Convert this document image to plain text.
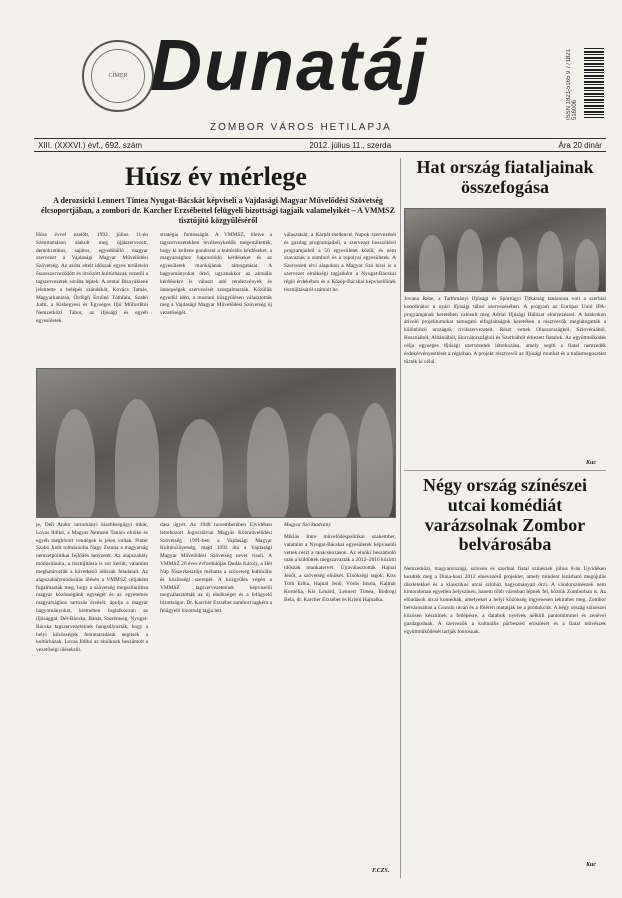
CÍMER Dunatáj
ZOMBOR VÁROS HETILAPJA
ISSN 1821-5165 9 771821 516006
XIII. (XXXVI.) évf., 692. szám	2012. július 11., szerda	Ára 20 dinár
Húsz év mérlege
A derozsicki Lennert Tímea Nyugat-Bácskát képviseli a Vajdasági Magyar Művelődési Szövetség élcsoportjában, a zombori dr. Karcher Erzsébettel felügyeli bizottsági tagjaik valamelyikét – A VMMSZ tisztújító közgyűléséről
Húsz évvel ezelőtt, 1992. július 11-én Szenttamáson alakult meg újjászervezett, demokratikus, sajátos, egyedülálló magyar szervezet a Vajdasági Magyar Művelődési Szövetség. Az azóta eltelt időszak egyes területein összeszerveződött és ötvözött kultúrházak vezetői a tagszervezetek sorába léptek. A zentai Bisnyákiené jelentette a belépés szándékát, Kovács Tamás, Magyarkanizsa, Ördögh Ernőné Tóthfalu, Szabó Judit, a Kishegyesi és Egységes Ifjú Műfordítói Nemzetközi Tábor, az ifjúsági és egyéb egyesületek.
stratégia fontosságát. A VMMSZ, illetve a tagszervezetekben tevékenykedők megemlítették, hogy ki kellene gondozni a kultúrális kérdéseket, a magyarsághoz kapcsolódó kérdéseket és az egyesületek munkájának támogatását. A hagyományokat őrző, ugyanakkor az aktuális kérdésekre is választ adó rendezvények és ünnepségek szervezését szorgalmazták. Közülük egyedül idén, a mostani közgyűlésen választották meg a Vajdasági Magyar Művelődési Szövetség új vezetőségét.
választását, a Kárpát-medencei Napok szervezését és gazdag programjaiból, a szervezet hosszútávú programjaiból a 50 egyesületet közül, és nem szavaztak a zombori és a topolyai egyesületek. A Szervezeti elvi alapokon a Magyar Szó hírei is a szervezet elnökségi tagjaiként a Nyugat-Bácskai régió érdekében és a Közép-Bácskai képviselőinek tisztújításáról számolt be.
je, Deli Andor tartományi kisebbségügyi titkár, Lovas Ildikó, a Magyar Nemzeti Tanács elnöke és egyéb meghívott vendégek is jelen voltak. Pintér Szabó Judit tolmácsolta Nagy Zsuzsa a magyarság nemzetpolitikai fejlődés helyzetét. Az alapszabály módosítására, a tisztújításra is sor került, valamint meghatározták a következő időszak feladatait. Az alapszabálymódosítás ülésén a VMMSZ céljaként fogalmazták meg, hogy a szövetség megszilárdítsa magyar közösségünk egységét és az egyetemes magyarsághoz tartozás érzését, ápolja a magyar hagyományokat, kiemelten foglalkozzon az ifjúsággal. Dél-Bácska, Bánát, Szerémség, Nyugat-Bácska tagszervezeteinek hangsúlyozták, hogy a helyi közösségek fennmaradását segítsék a kultúrházak. Lovas Ildikó az elnöknek beszámolt a vezetőségi ülésekről.
dása ügyét. Az 1948 novemberében Újvidéken létrehozott Jugoszláviai Magyar Közművelődési Szövetség 1991-ben a Vajdasági Magyar Kultúrszövetség, majd 1992 óta a Vajdasági Magyar Művelődési Szövetség nevet viseli. A VMMSZ 20 éves évfordulóján Dudás Károly, a Hét Nap főszerkesztője méltatta a szövetség kultúrális és közösségi szerepét. A közgyűlés végén a VMMSZ tagszervezeteinek képviselői megválasztották az új elnökséget és a felügyelő bizottságot. Dr. Karcher Erzsébet zombori tagként a felügyelő bizottság tagja lett.
Magyar Szó kiadvány
Miklós Imre művelődéspolitikai szakember, valamint a Nyugat-Bácskai egyesületek képviselői vettek részt a tanácskozáson. Az elnöki beszámoló után a küldöttek megszavazták a 2012–2016 közötti időszak munkatervét. Újraválasztották Hajnal Jenőt, a szövetség elnökét. Elnökségi tagok: Kiss Tóth Erika, Hajnal Jenő, Vörös Imola, Kalmár Kornélia, Kis Lénárd, Lennert Tímea, Bodrogi Béla, dr. Karcher Erzsébet és Kristó Hajnalka.
F.CZS.
Hat ország fiataljainak összefogása
Jovana Rebe, a Tartományi Ifjúsági és Sportügyi Titkárság tanácsosa volt a szerbiai koordinátor a nyári ifjúsági tábor szervezésében. A program az Európai Unió IPA-programjának keretében valósult meg Adriai Ifjúsági Hálózat elnevezéssel. A határokon átívelő projektumokat támogató elfoglaltságok keretében a résztvevők meglátogatták a különböző országok civilszervezeteit. Részt vettek Olaszországból, Szlovéniából, Boszniából, Albániából, Horvátországból és Szerbiából érkezett fiatalok. Az együttműködés célja egységes ifjúsági szervezetek létrehozása, amely segíti a fiatal nemzedék érdekérvényesítését a régióban. A projekt résztvevői az ifjúsági munkát és a tudásmegosztást tűzték ki célul.
Kuc
Négy ország színészei utcai komédiát varázsolnak Zombor belvárosába
Nemzetközi, magyarországi, szlovén és szerbiai fiatal színészek július 8-án Újvidéken kezdték meg a Duna-hosz 2012 elnevezésű projektet, amely mindent lezárható megújulás díszletekkel és a klasszikus utcai színház hagyományait őrzi. A vándorszínészek nem kimondottan egyetlen helyszínen, hanem több városban lépnek fel, köztük Zomborban is. Az előadások utcai komédiák, amelyeket a helyi közönség ingyenesen tekinthet meg. Zombor belvárosában a Gozsdu utcán és a főtéren mutatják be a produkciót. A négy ország színészei közösen készülnek a fellépésre, a darabok nyelvek nélküli pantomimmel és zenével gazdagodnak. A szervezők a kulturális párbeszéd erősítését és a fiatal művészek együttműködését tartják fontosnak.
Kuc
